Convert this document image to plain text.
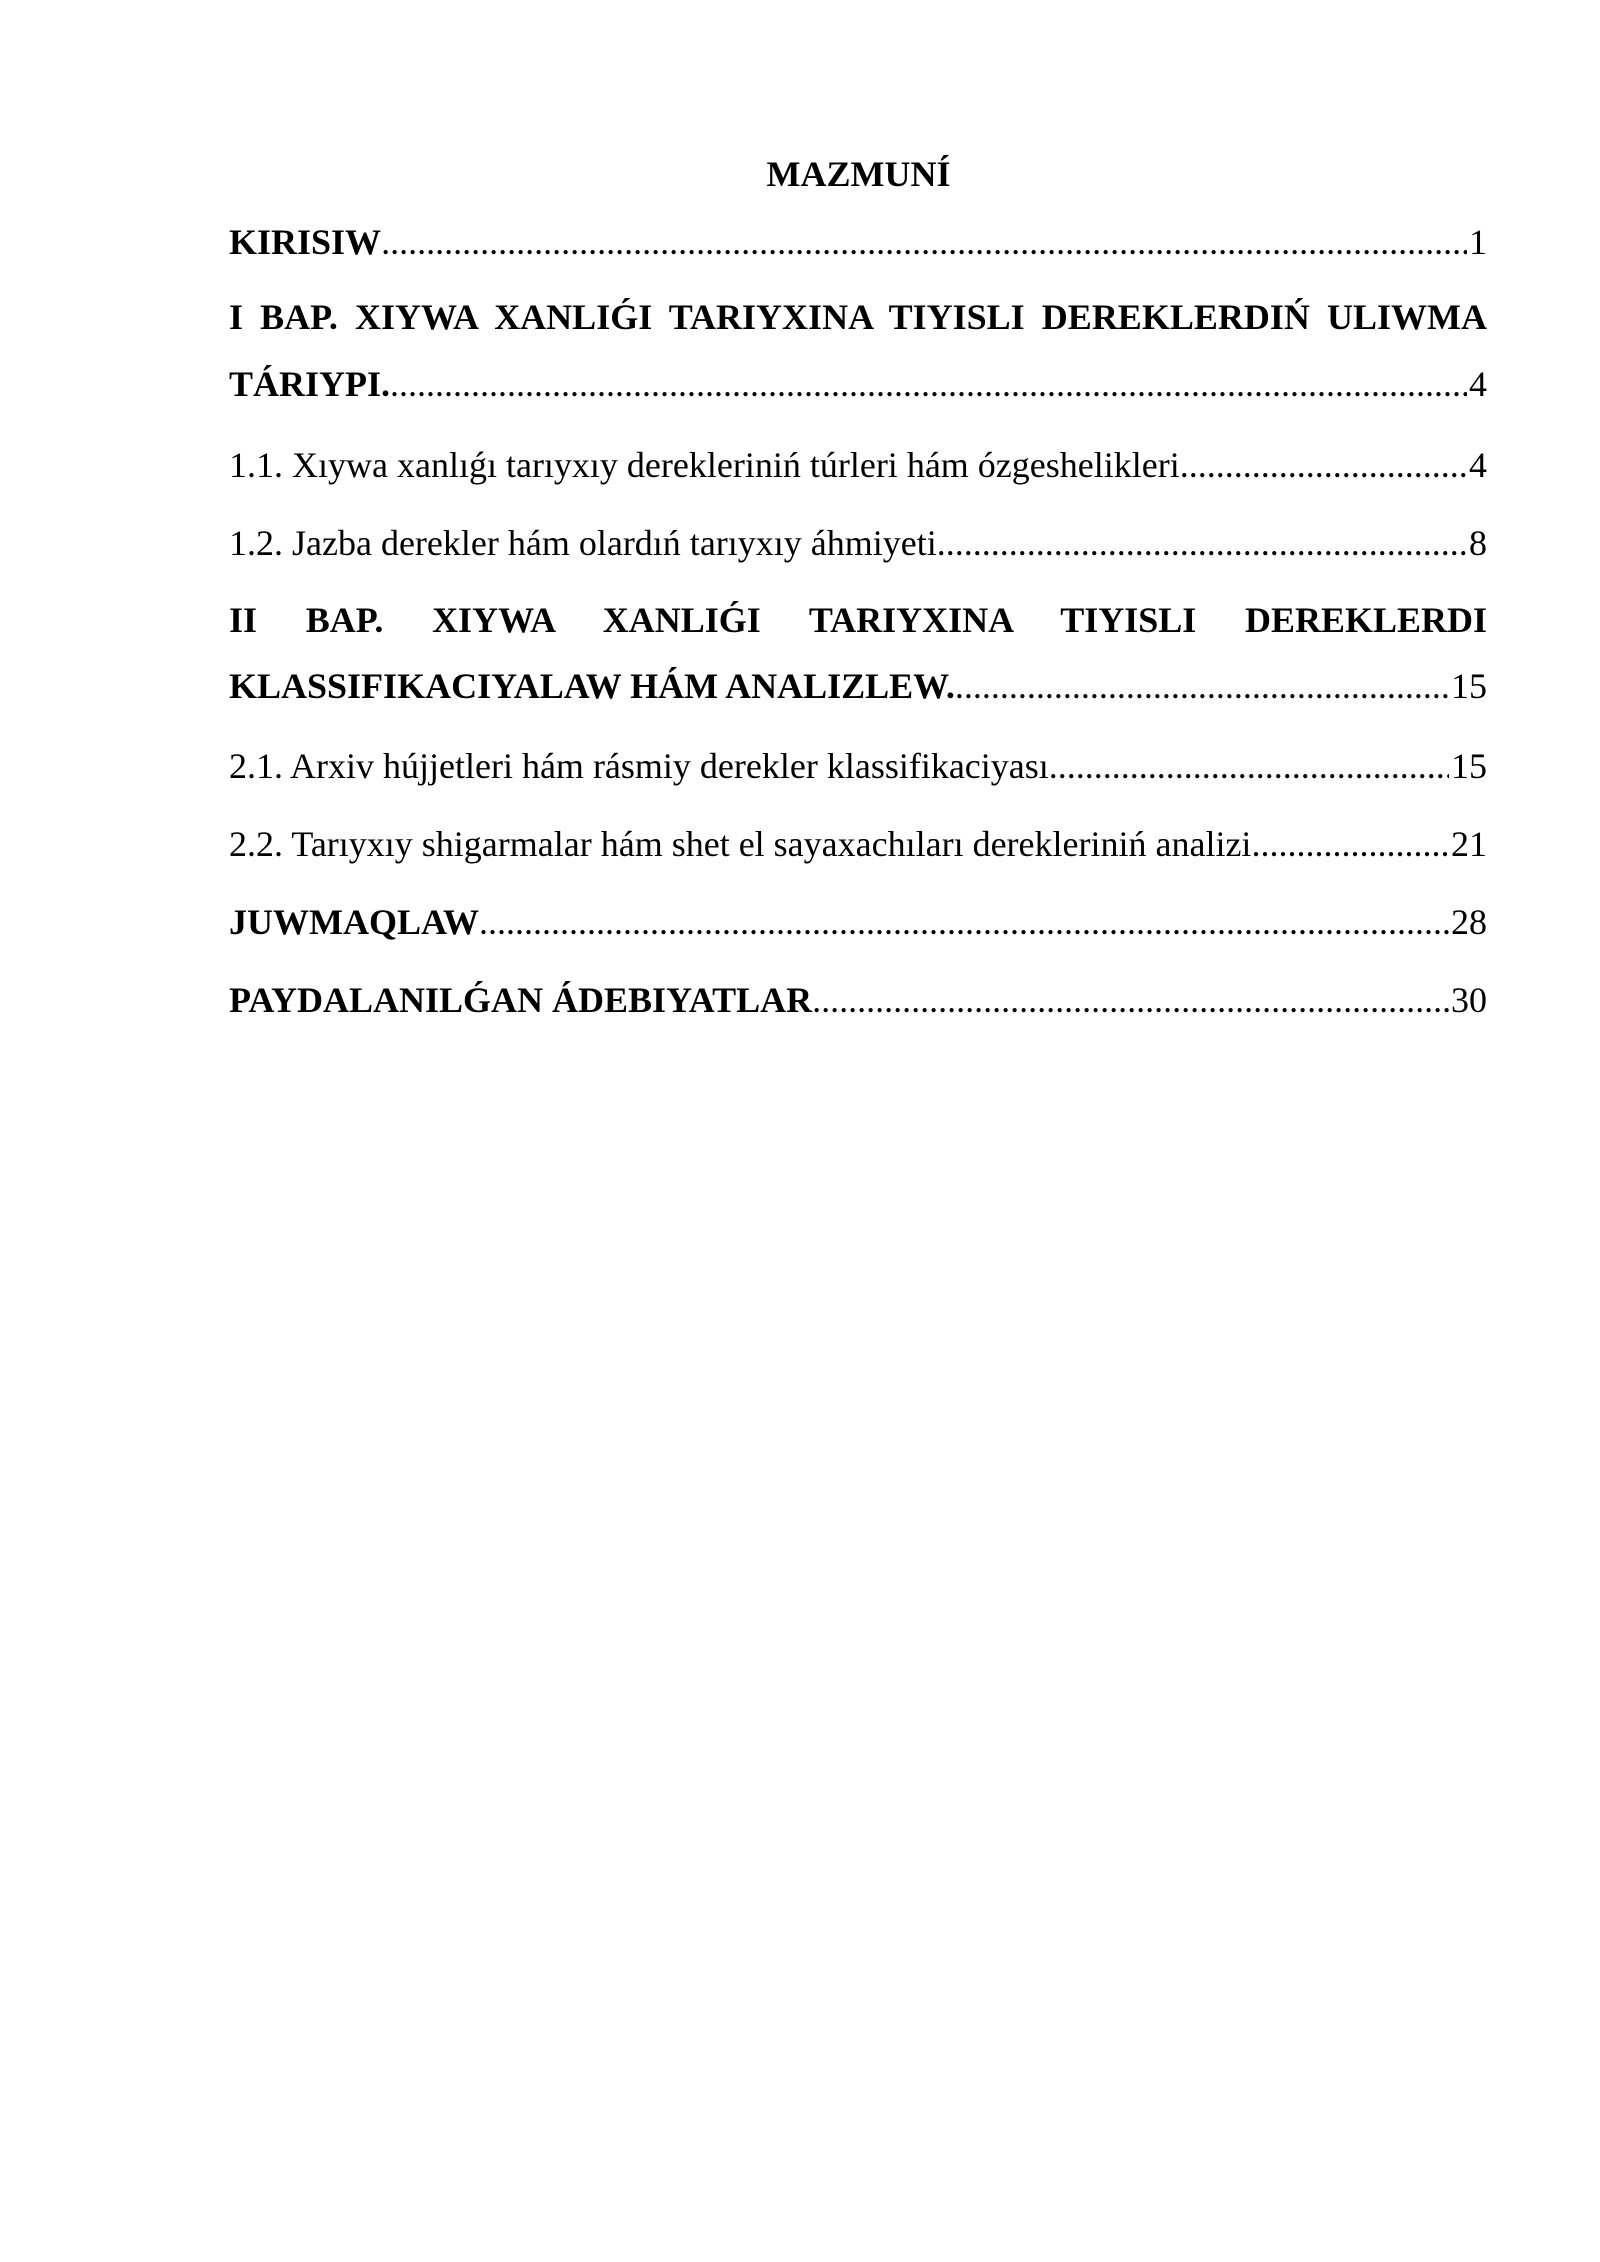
MAZMUNÍ
KIRISIW .....	1
I BAP. XIYWA XANLIǴI TARIYXINA TIYISLI DEREKLERDIŃ ULIWMA
TÁRIYPI. .....	4
1.1. Xıywa xanlıǵı tarıyxıy derekleriniń túrleri hám ózgeshelikleri .....	4
1.2. Jazba derekler hám olardıń tarıyxıy áhmiyeti .....	8
II BAP. XIYWA XANLIǴI TARIYXINA TIYISLI DEREKLERDI
KLASSIFIKACIYALAW HÁM ANALIZLEW. .....	15
2.1. Arxiv hújjetleri hám rásmiy derekler klassifikaciyası .....	15
2.2. Tarıyxıy shigarmalar hám shet el sayaxachıları derekleriniń analizi .....	21
JUWMAQLAW .....	28
PAYDALANILǴAN ÁDEBIYATLAR .....	30
